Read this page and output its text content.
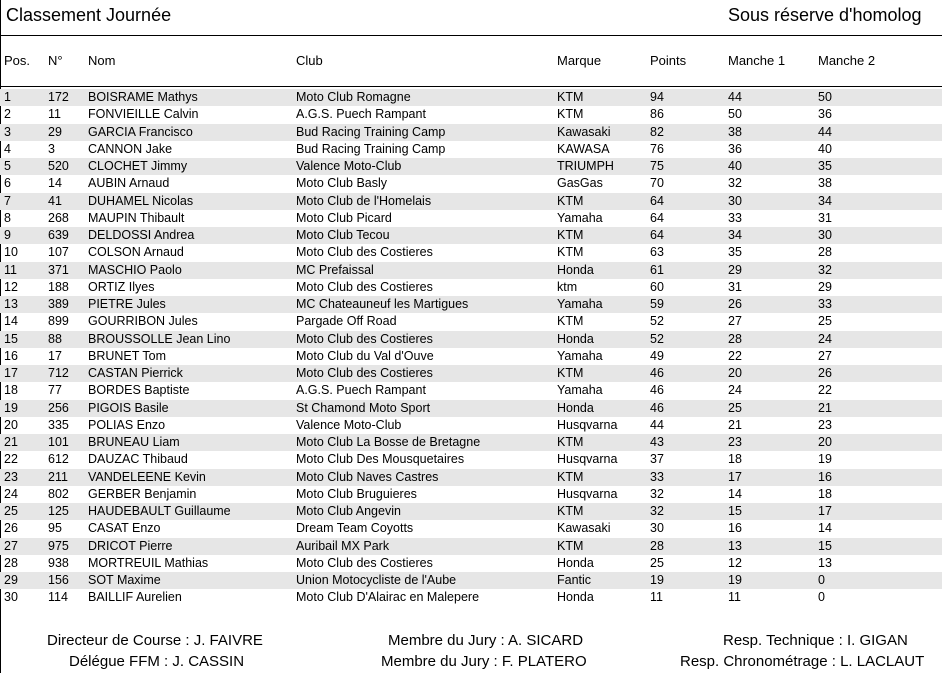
Classement Journée	Sous réserve d'homolog
Pos. N° Nom	Club	Marque	Points	Manche 1	Manche 2
1	172 BOISRAME Mathys	Moto Club Romagne	KTM	94	44	50
2	11 FONVIEILLE Calvin	A.G.S. Puech Rampant	KTM	86	50	36
3	29 GARCIA Francisco	Bud Racing Training Camp	Kawasaki	82	38	44
4	3	CANNON Jake	Bud Racing Training Camp	KAWASA	76	36	40
5	520 CLOCHET Jimmy	Valence Moto-Club	TRIUMPH	75	40	35
6	14 AUBIN Arnaud	Moto Club Basly	GasGas	70	32	38
7	41 DUHAMEL Nicolas	Moto Club de l'Homelais	KTM	64	30	34
8	268 MAUPIN Thibault	Moto Club Picard	Yamaha	64	33	31
9	639 DELDOSSI Andrea	Moto Club Tecou	KTM	64	34	30
10 107 COLSON Arnaud	Moto Club des Costieres	KTM	63	35	28
11 371 MASCHIO Paolo	MC Prefaissal	Honda	61	29	32
12 188 ORTIZ Ilyes	Moto Club des Costieres	ktm	60	31	29
13 389 PIETRE Jules	MC Chateauneuf les Martigues	Yamaha	59	26	33
14 899 GOURRIBON Jules	Pargade Off Road	KTM	52	27	25
15 88 BROUSSOLLE Jean Lino	Moto Club des Costieres	Honda	52	28	24
16 17 BRUNET Tom	Moto Club du Val d'Ouve	Yamaha	49	22	27
17 712 CASTAN Pierrick	Moto Club des Costieres	KTM	46	20	26
18 77 BORDES Baptiste	A.G.S. Puech Rampant	Yamaha	46	24	22
19 256 PIGOIS Basile	St Chamond Moto Sport	Honda	46	25	21
20 335 POLIAS Enzo	Valence Moto-Club	Husqvarna	44	21	23
21 101 BRUNEAU Liam	Moto Club La Bosse de Bretagne	KTM	43	23	20
22 612 DAUZAC Thibaud	Moto Club Des Mousquetaires	Husqvarna	37	18	19
23 211 VANDELEENE Kevin	Moto Club Naves Castres	KTM	33	17	16
24 802 GERBER Benjamin	Moto Club Bruguieres	Husqvarna	32	14	18
25 125 HAUDEBAULT Guillaume	Moto Club Angevin	KTM	32	15	17
26 95 CASAT Enzo	Dream Team Coyotts	Kawasaki	30	16	14
27 975 DRICOT Pierre	Auribail MX Park	KTM	28	13	15
28 938 MORTREUIL Mathias	Moto Club des Costieres	Honda	25	12	13
29 156 SOT Maxime	Union Motocycliste de l'Aube	Fantic	19	19	0
30 114 BAILLIF Aurelien	Moto Club D'Alairac en Malepere	Honda	11	11	0
Directeur de Course : J. FAIVRE
Délégue FFM : J. CASSIN
Membre du Jury : A. SICARD
Membre du Jury : F. PLATERO
Resp. Technique : I. GIGAN
Resp. Chronométrage : L. LACLAUT
